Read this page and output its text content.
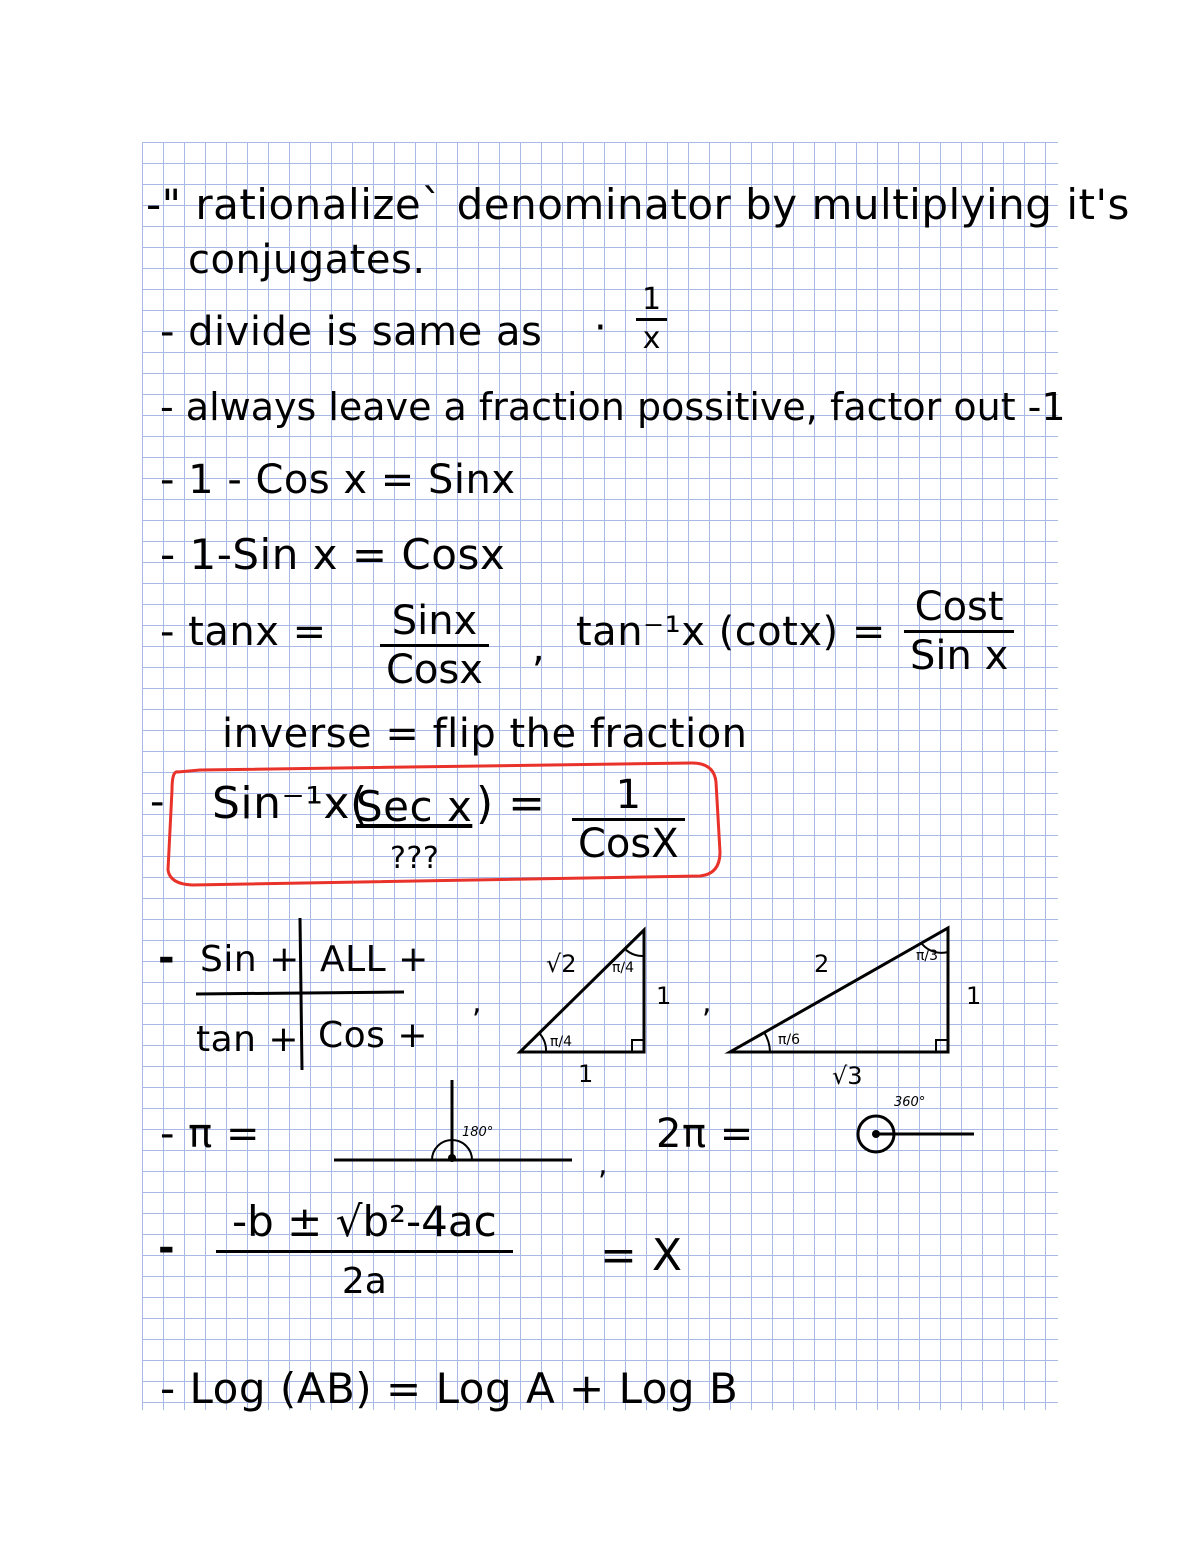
-" rationalize` denominator by multiplying it's
conjugates.
- divide is same as ·
1
x
- always leave a fraction possitive, factor out -1
- 1 - Cos x = Sinx
- 1-Sin x = Cosx
- tanx = Sinx
Cosx , tan⁻¹x (cotx) =
Cost
Sin x
inverse = flip the fraction
- Sin⁻¹x(
Sec x ) = 1
CosX
???
- Sin + ALL +
tan + Cos +
,
√2	π/4
π/4
1
1
,
2	π/3
π/6
1
√3
- π =	180°
,
2π =
360°
-
-b ± √b²-4ac
2a
= X
- Log (AB) = Log A + Log B
